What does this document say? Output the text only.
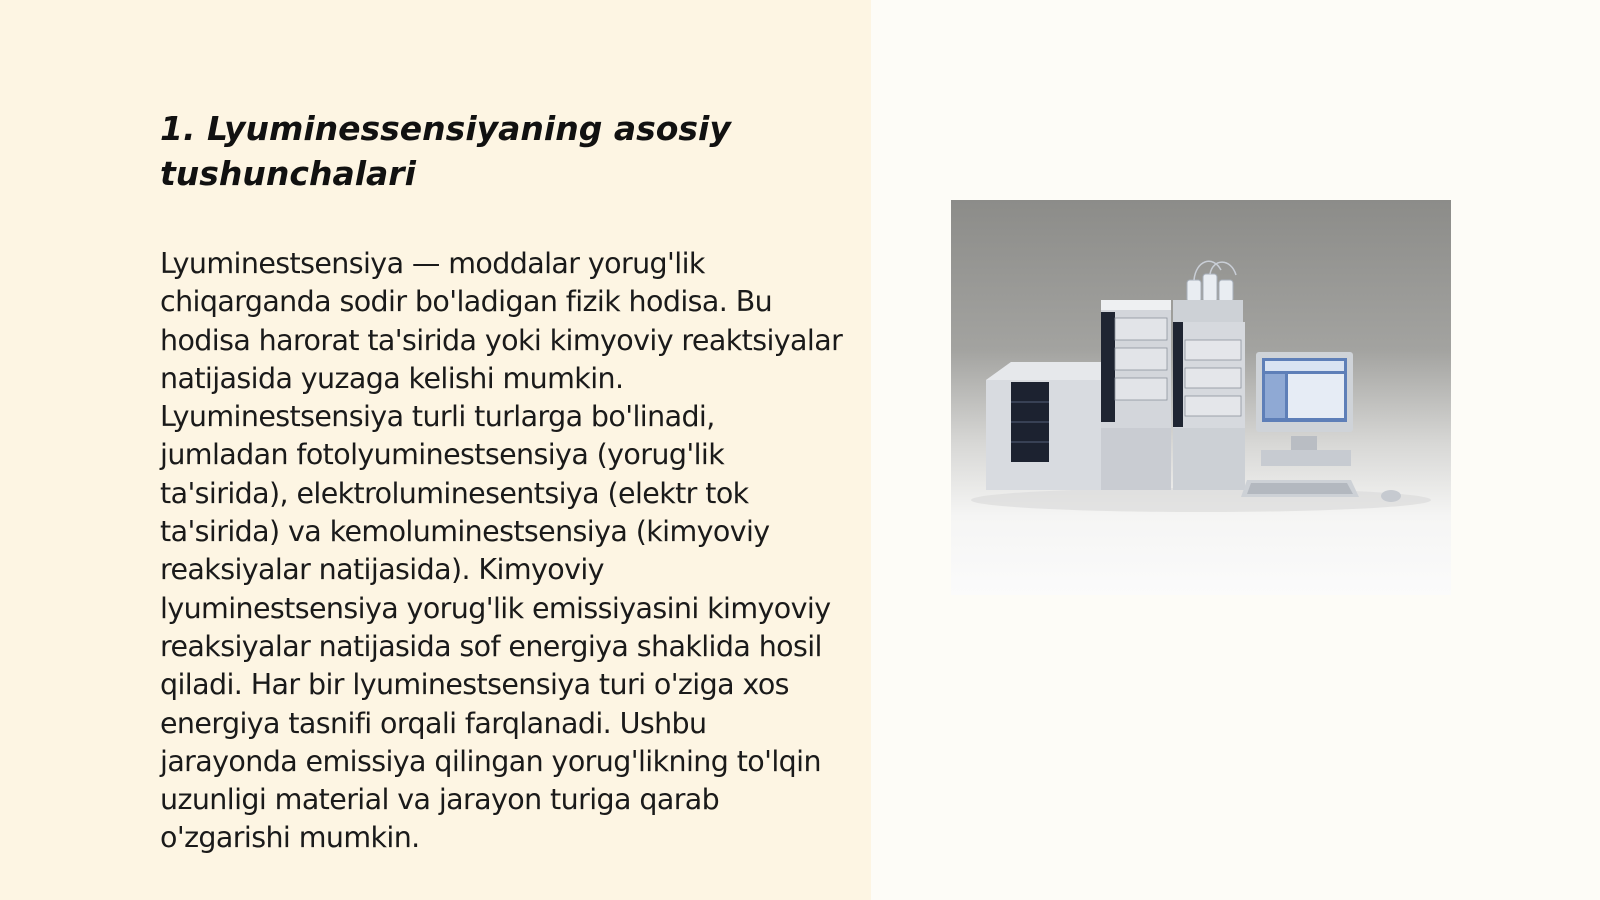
1. Lyuminessensiyaning asosiy tushunchalari

Lyuminestsensiya — moddalar yorug'lik chiqarganda sodir bo'ladigan fizik hodisa. Bu hodisa harorat ta'sirida yoki kimyoviy reaktsiyalar natijasida yuzaga kelishi mumkin. Lyuminestsensiya turli turlarga bo'linadi, jumladan fotolyuminestsensiya (yorug'lik ta'sirida), elektroluminesentsiya (elektr tok ta'sirida) va kemoluminestsensiya (kimyoviy reaksiyalar natijasida). Kimyoviy lyuminestsensiya yorug'lik emissiyasini kimyoviy reaksiyalar natijasida sof energiya shaklida hosil qiladi. Har bir lyuminestsensiya turi o'ziga xos energiya tasnifi orqali farqlanadi. Ushbu jarayonda emissiya qilingan yorug'likning to'lqin uzunligi material va jarayon turiga qarab o'zgarishi mumkin.
